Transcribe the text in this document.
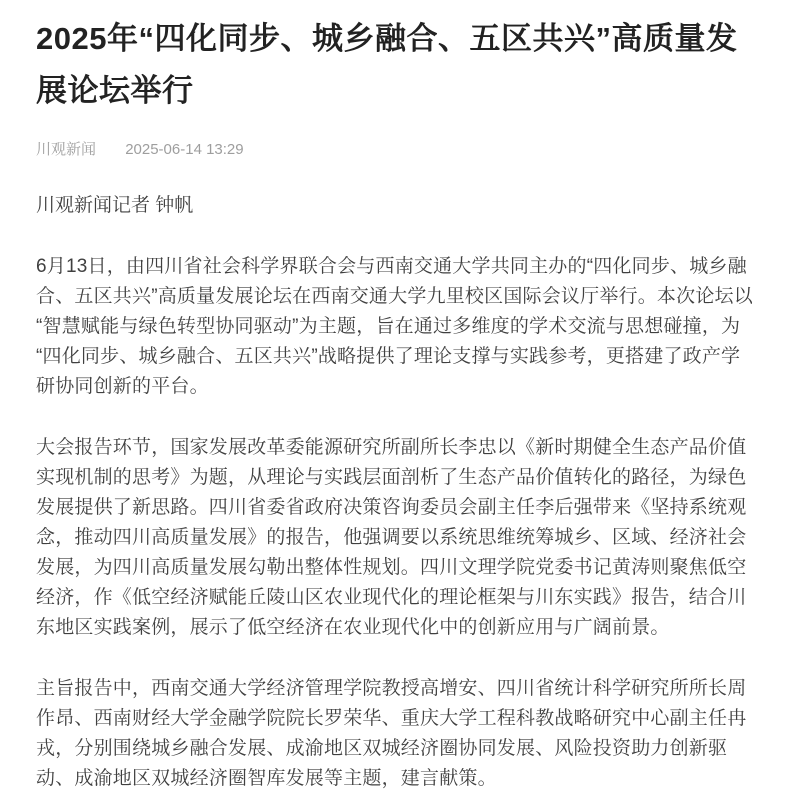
2025年“四化同步、城乡融合、五区共兴”高质量发展论坛举行
川观新闻 2025-06-14 13:29

川观新闻记者 钟帆

6月13日，由四川省社会科学界联合会与西南交通大学共同主办的“四化同步、城乡融合、五区共兴”高质量发展论坛在西南交通大学九里校区国际会议厅举行。本次论坛以“智慧赋能与绿色转型协同驱动”为主题，旨在通过多维度的学术交流与思想碰撞，为“四化同步、城乡融合、五区共兴”战略提供了理论支撑与实践参考，更搭建了政产学研协同创新的平台。

大会报告环节，国家发展改革委能源研究所副所长李忠以《新时期健全生态产品价值实现机制的思考》为题，从理论与实践层面剖析了生态产品价值转化的路径，为绿色发展提供了新思路。四川省委省政府决策咨询委员会副主任李后强带来《坚持系统观念，推动四川高质量发展》的报告，他强调要以系统思维统筹城乡、区域、经济社会发展，为四川高质量发展勾勒出整体性规划。四川文理学院党委书记黄涛则聚焦低空经济，作《低空经济赋能丘陵山区农业现代化的理论框架与川东实践》报告，结合川东地区实践案例，展示了低空经济在农业现代化中的创新应用与广阔前景。

主旨报告中，西南交通大学经济管理学院教授高增安、四川省统计科学研究所所长周作昂、西南财经大学金融学院院长罗荣华、重庆大学工程科教战略研究中心副主任冉戎，分别围绕城乡融合发展、成渝地区双城经济圈协同发展、风险投资助力创新驱动、成渝地区双城经济圈智库发展等主题，建言献策。
